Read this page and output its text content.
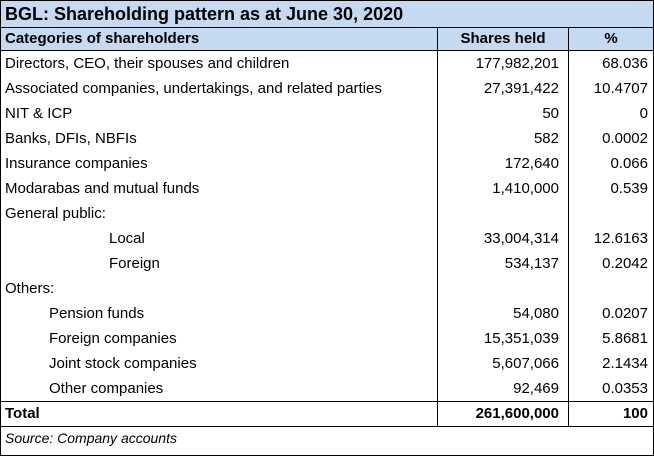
BGL: Shareholding pattern as at June 30, 2020
Categories of shareholders	Shares held	%
Directors, CEO, their spouses and children	177,982,201	68.036
Associated companies, undertakings, and related parties	27,391,422	10.4707
NIT & ICP	50	0
Banks, DFIs, NBFIs	582	0.0002
Insurance companies	172,640	0.066
Modarabas and mutual funds	1,410,000	0.539
General public:
Local	33,004,314	12.6163
Foreign	534,137	0.2042
Others:
Pension funds	54,080	0.0207
Foreign companies	15,351,039	5.8681
Joint stock companies	5,607,066	2.1434
Other companies	92,469	0.0353
Total	261,600,000	100
Source: Company accounts
